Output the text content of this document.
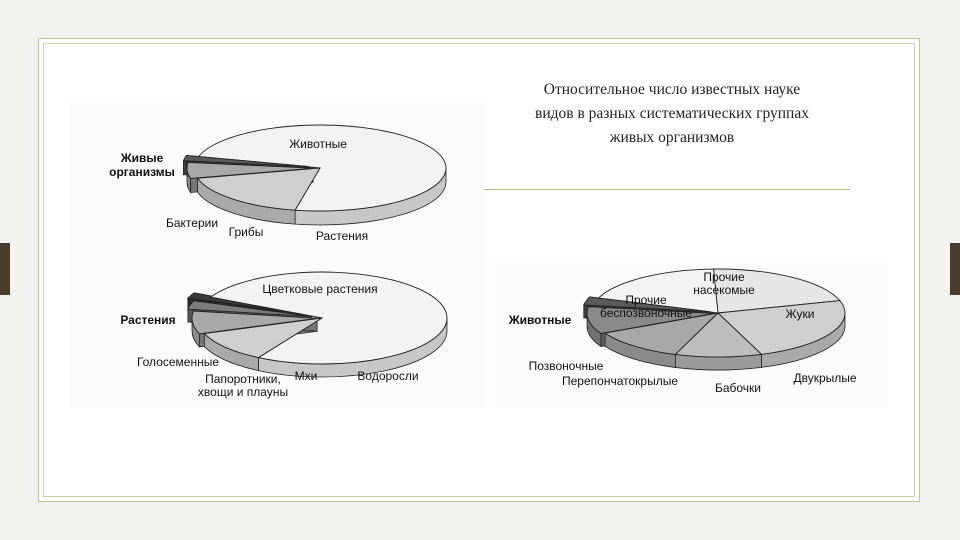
Относительное число известных науке
видов в разных систематических группах
живых организмов
Живые организмы
Животные
Растения
Грибы
Бактерии
Растения
Цветковые растения
Водоросли
Мхи
Папоротники, хвощи и плауны
Голосеменные
Животные
Прочие насекомые
Жуки
Двукрылые
Бабочки
Перепончатокрылые
Позвоночные
Прочие беспозвоночные
